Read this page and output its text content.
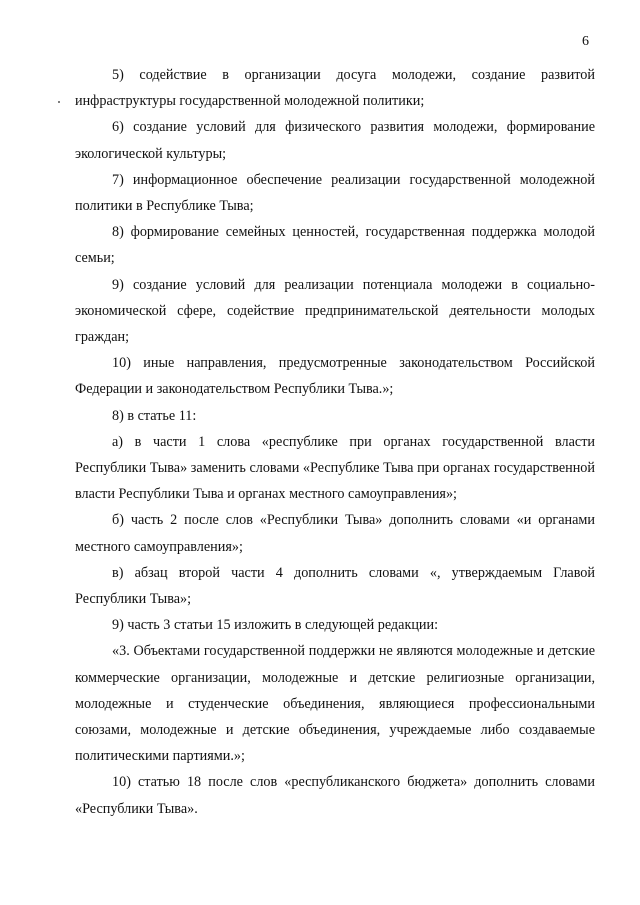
6

5) содействие в организации досуга молодежи, создание развитой инфраструктуры государственной молодежной политики;

6) создание условий для физического развития молодежи, формирование экологической культуры;

7) информационное обеспечение реализации государственной молодежной политики в Республике Тыва;

8) формирование семейных ценностей, государственная поддержка молодой семьи;

9) создание условий для реализации потенциала молодежи в социально-экономической сфере, содействие предпринимательской деятельности молодых граждан;

10) иные направления, предусмотренные законодательством Российской Федерации и законодательством Республики Тыва.»;

8) в статье 11:

а) в части 1 слова «республике при органах государственной власти Республики Тыва» заменить словами «Республике Тыва при органах государственной власти Республики Тыва и органах местного самоуправления»;

б) часть 2 после слов «Республики Тыва» дополнить словами «и органами местного самоуправления»;

в) абзац второй части 4 дополнить словами «, утверждаемым Главой Республики Тыва»;

9) часть 3 статьи 15 изложить в следующей редакции:

«3. Объектами государственной поддержки не являются молодежные и детские коммерческие организации, молодежные и детские религиозные организации, молодежные и студенческие объединения, являющиеся профессиональными союзами, молодежные и детские объединения, учреждаемые либо создаваемые политическими партиями.»;

10) статью 18 после слов «республиканского бюджета» дополнить словами «Республики Тыва».
